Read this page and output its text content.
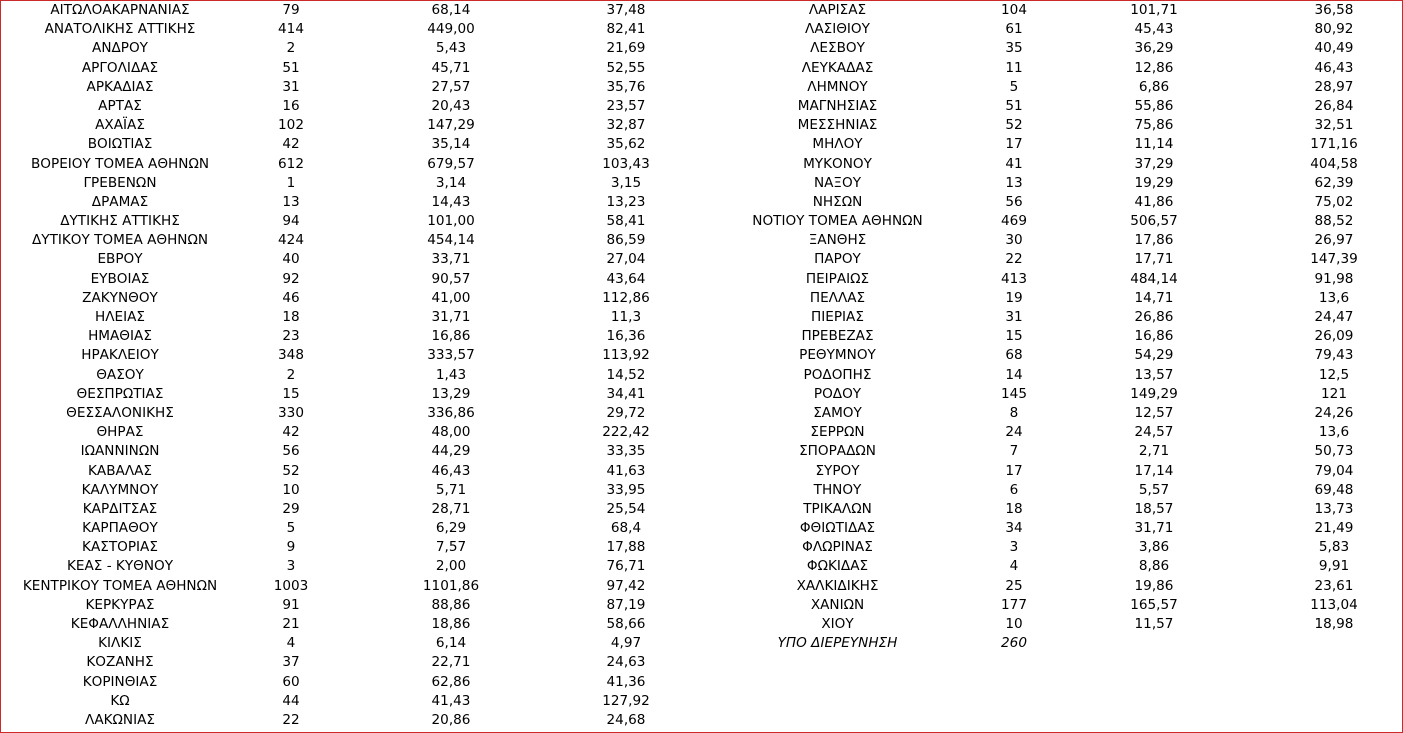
ΑΙΤΩΛΟΑΚΑΡΝΑΝΙΑΣ
ΑΝΑΤΟΛΙΚΗΣ ΑΤΤΙΚΗΣ
ΑΝΔΡΟΥ
ΑΡΓΟΛΙΔΑΣ
ΑΡΚΑΔΙΑΣ
ΑΡΤΑΣ
ΑΧΑΪΑΣ
ΒΟΙΩΤΙΑΣ
ΒΟΡΕΙΟΥ ΤΟΜΕΑ ΑΘΗΝΩΝ
ΓΡΕΒΕΝΩΝ
ΔΡΑΜΑΣ
ΔΥΤΙΚΗΣ ΑΤΤΙΚΗΣ
ΔΥΤΙΚΟΥ ΤΟΜΕΑ ΑΘΗΝΩΝ
ΕΒΡΟΥ
ΕΥΒΟΙΑΣ
ΖΑΚΥΝΘΟΥ
ΗΛΕΙΑΣ
ΗΜΑΘΙΑΣ
ΗΡΑΚΛΕΙΟΥ
ΘΑΣΟΥ
ΘΕΣΠΡΩΤΙΑΣ
ΘΕΣΣΑΛΟΝΙΚΗΣ
ΘΗΡΑΣ
ΙΩΑΝΝΙΝΩΝ
ΚΑΒΑΛΑΣ
ΚΑΛΥΜΝΟΥ
ΚΑΡΔΙΤΣΑΣ
ΚΑΡΠΑΘΟΥ
ΚΑΣΤΟΡΙΑΣ
ΚΕΑΣ - ΚΥΘΝΟΥ
ΚΕΝΤΡΙΚΟΥ ΤΟΜΕΑ ΑΘΗΝΩΝ
ΚΕΡΚΥΡΑΣ
ΚΕΦΑΛΛΗΝΙΑΣ
ΚΙΛΚΙΣ
ΚΟΖΑΝΗΣ
ΚΟΡΙΝΘΙΑΣ
ΚΩ
ΛΑΚΩΝΙΑΣ
79
414
2
51
31
16
102
42
612
1
13
94
424
40
92
46
18
23
348
2
15
330
42
56
52
10
29
5
9
3
1003
91
21
4
37
60
44
22
68,14
449,00
5,43
45,71
27,57
20,43
147,29
35,14
679,57
3,14
14,43
101,00
454,14
33,71
90,57
41,00
31,71
16,86
333,57
1,43
13,29
336,86
48,00
44,29
46,43
5,71
28,71
6,29
7,57
2,00
1101,86
88,86
18,86
6,14
22,71
62,86
41,43
20,86
37,48
82,41
21,69
52,55
35,76
23,57
32,87
35,62
103,43
3,15
13,23
58,41
86,59
27,04
43,64
112,86
11,3
16,36
113,92
14,52
34,41
29,72
222,42
33,35
41,63
33,95
25,54
68,4
17,88
76,71
97,42
87,19
58,66
4,97
24,63
41,36
127,92
24,68
ΛΑΡΙΣΑΣ
ΛΑΣΙΘΙΟΥ
ΛΕΣΒΟΥ
ΛΕΥΚΑΔΑΣ
ΛΗΜΝΟΥ
ΜΑΓΝΗΣΙΑΣ
ΜΕΣΣΗΝΙΑΣ
ΜΗΛΟΥ
ΜΥΚΟΝΟΥ
ΝΑΞΟΥ
ΝΗΣΩΝ
ΝΟΤΙΟΥ ΤΟΜΕΑ ΑΘΗΝΩΝ
ΞΑΝΘΗΣ
ΠΑΡΟΥ
ΠΕΙΡΑΙΩΣ
ΠΕΛΛΑΣ
ΠΙΕΡΙΑΣ
ΠΡΕΒΕΖΑΣ
ΡΕΘΥΜΝΟΥ
ΡΟΔΟΠΗΣ
ΡΟΔΟΥ
ΣΑΜΟΥ
ΣΕΡΡΩΝ
ΣΠΟΡΑΔΩΝ
ΣΥΡΟΥ
ΤΗΝΟΥ
ΤΡΙΚΑΛΩΝ
ΦΘΙΩΤΙΔΑΣ
ΦΛΩΡΙΝΑΣ
ΦΩΚΙΔΑΣ
ΧΑΛΚΙΔΙΚΗΣ
ΧΑΝΙΩΝ
ΧΙΟΥ
ΥΠΟ ΔΙΕΡΕΥΝΗΣΗ
104
61
35
11
5
51
52
17
41
13
56
469
30
22
413
19
31
15
68
14
145
8
24
7
17
6
18
34
3
4
25
177
10
260
101,71
45,43
36,29
12,86
6,86
55,86
75,86
11,14
37,29
19,29
41,86
506,57
17,86
17,71
484,14
14,71
26,86
16,86
54,29
13,57
149,29
12,57
24,57
2,71
17,14
5,57
18,57
31,71
3,86
8,86
19,86
165,57
11,57
36,58
80,92
40,49
46,43
28,97
26,84
32,51
171,16
404,58
62,39
75,02
88,52
26,97
147,39
91,98
13,6
24,47
26,09
79,43
12,5
121
24,26
13,6
50,73
79,04
69,48
13,73
21,49
5,83
9,91
23,61
113,04
18,98
